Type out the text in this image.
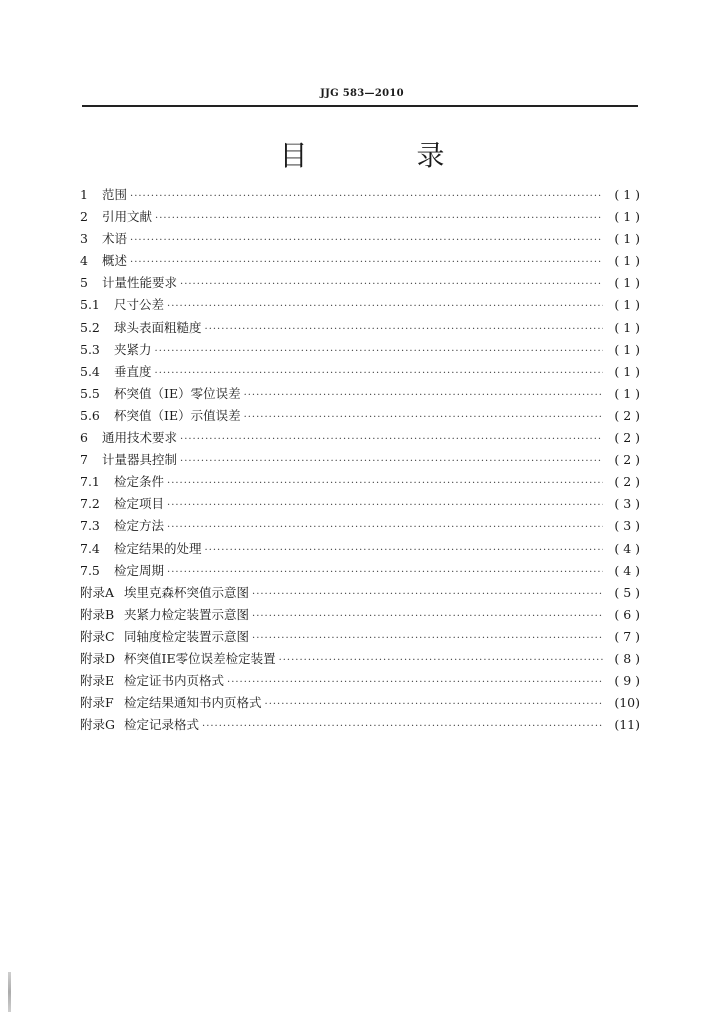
JJG 583—2010
目 录
1	范围 ·····	( 1 )
2	引用文献 ·····	( 1 )
3	术语 ·····	( 1 )
4	概述 ·····	( 1 )
5	计量性能要求 ·····	( 1 )
5.1	尺寸公差 ·····	( 1 )
5.2	球头表面粗糙度 ·····	( 1 )
5.3	夹紧力 ·····	( 1 )
5.4	垂直度 ·····	( 1 )
5.5	杯突值（IE）零位误差 ·····	( 1 )
5.6	杯突值（IE）示值误差 ·····	( 2 )
6	通用技术要求 ·····	( 2 )
7	计量器具控制 ·····	( 2 )
7.1	检定条件 ·····	( 2 )
7.2	检定项目 ·····	( 3 )
7.3	检定方法 ·····	( 3 )
7.4	检定结果的处理 ·····	( 4 )
7.5	检定周期 ·····	( 4 )
附录A 埃里克森杯突值示意图 ·····	( 5 )
附录B 夹紧力检定装置示意图 ·····	( 6 )
附录C 同轴度检定装置示意图 ·····	( 7 )
附录D 杯突值IE零位误差检定装置 ·····	( 8 )
附录E 检定证书内页格式 ·····	( 9 )
附录F 检定结果通知书内页格式 ·····	(10)
附录G 检定记录格式 ·····	(11)
